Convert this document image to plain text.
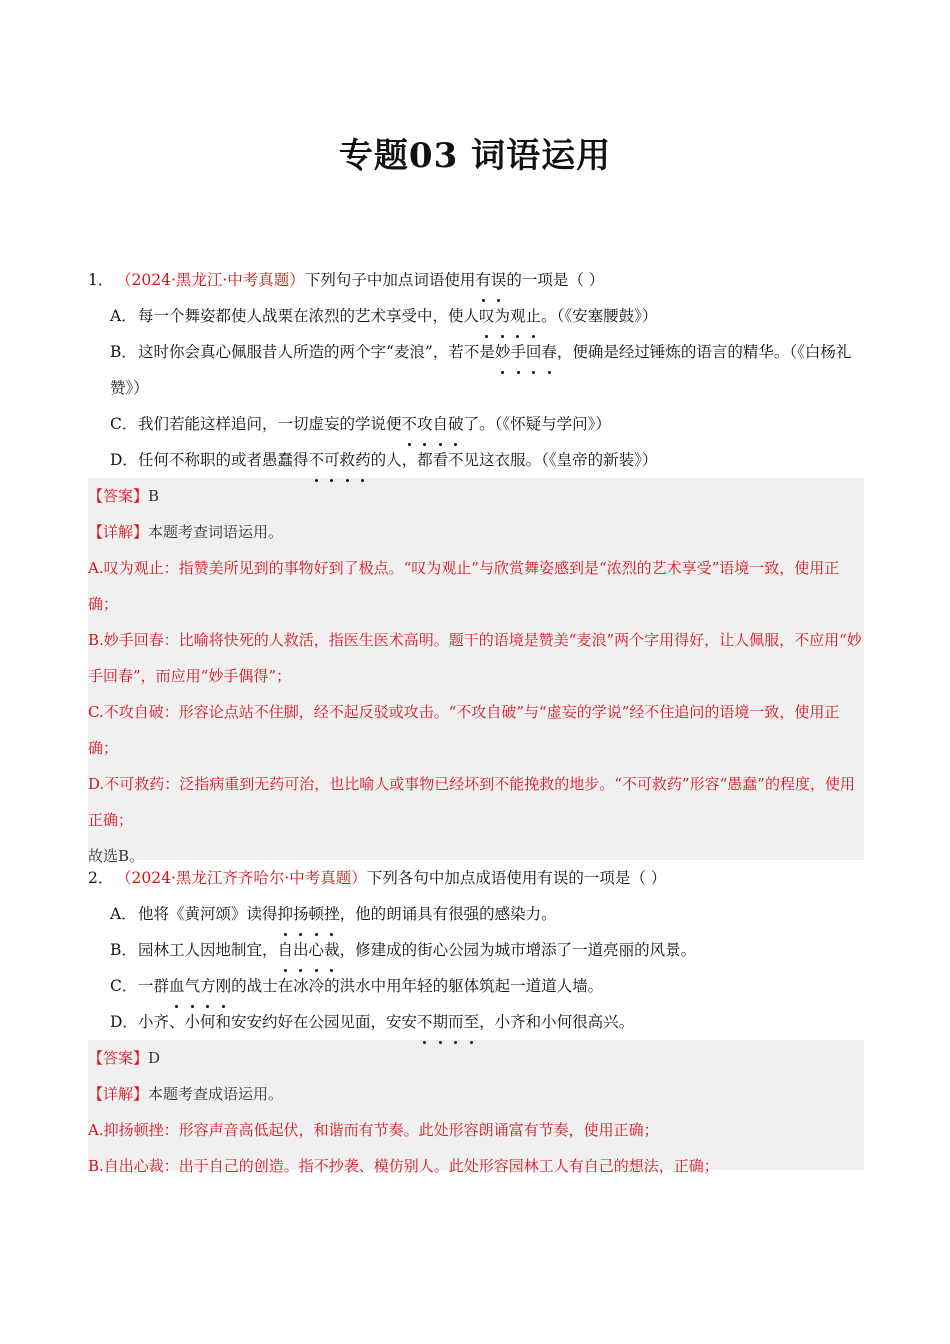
专题03 词语运用
1． （2024·黑龙江·中考真题）下列句子中加点词语使用有误的一项是（ ）
A．每一个舞姿都使人战栗在浓烈的艺术享受中，使人叹为观止。（《安塞腰鼓》）
B．这时你会真心佩服昔人所造的两个字“麦浪”，若不是妙手回春，便确是经过锤炼的语言的精华。（《白杨礼赞》）
C．我们若能这样追问，一切虚妄的学说便不攻自破了。（《怀疑与学问》）
D．任何不称职的或者愚蠢得不可救药的人，都看不见这衣服。（《皇帝的新装》）

【答案】B

【详解】本题考查词语运用。

A.叹为观止：指赞美所见到的事物好到了极点。“叹为观止”与欣赏舞姿感到是“浓烈的艺术享受”语境一致，使用正确；

B.妙手回春：比喻将快死的人救活，指医生医术高明。题干的语境是赞美“麦浪”两个字用得好，让人佩服，不应用“妙手回春”，而应用“妙手偶得”；

C.不攻自破：形容论点站不住脚，经不起反驳或攻击。“不攻自破”与“虚妄的学说”经不住追问的语境一致，使用正确；

D.不可救药：泛指病重到无药可治，也比喻人或事物已经坏到不能挽救的地步。“不可救药”形容“愚蠢”的程度，使用正确；

故选B。

2． （2024·黑龙江齐齐哈尔·中考真题）下列各句中加点成语使用有误的一项是（ ）
A．他将《黄河颂》读得抑扬顿挫，他的朗诵具有很强的感染力。
B．园林工人因地制宜，自出心裁，修建成的街心公园为城市增添了一道亮丽的风景。
C．一群血气方刚的战士在冰冷的洪水中用年轻的躯体筑起一道道人墙。
D．小齐、小何和安安约好在公园见面，安安不期而至，小齐和小何很高兴。

【答案】D

【详解】本题考查成语运用。

A.抑扬顿挫：形容声音高低起伏，和谐而有节奏。此处形容朗诵富有节奏，使用正确；

B.自出心裁：出于自己的创造。指不抄袭、模仿别人。此处形容园林工人有自己的想法，正确；
